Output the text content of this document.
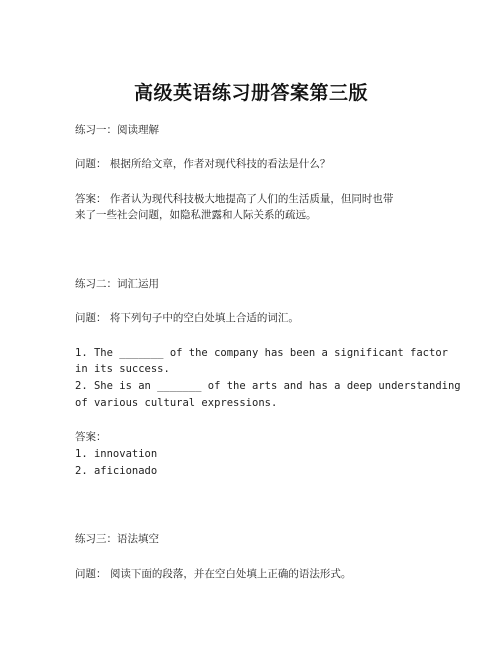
高级英语练习册答案第三版
练习一：阅读理解
问题： 根据所给文章，作者对现代科技的看法是什么？
答案： 作者认为现代科技极大地提高了人们的生活质量，但同时也带
来了一些社会问题，如隐私泄露和人际关系的疏远。
练习二：词汇运用
问题： 将下列句子中的空白处填上合适的词汇。
1. The _______ of the company has been a significant factor
in its success.
2. She is an _______ of the arts and has a deep understanding
of various cultural expressions.
答案：
1. innovation
2. aficionado
练习三：语法填空
问题： 阅读下面的段落，并在空白处填上正确的语法形式。
